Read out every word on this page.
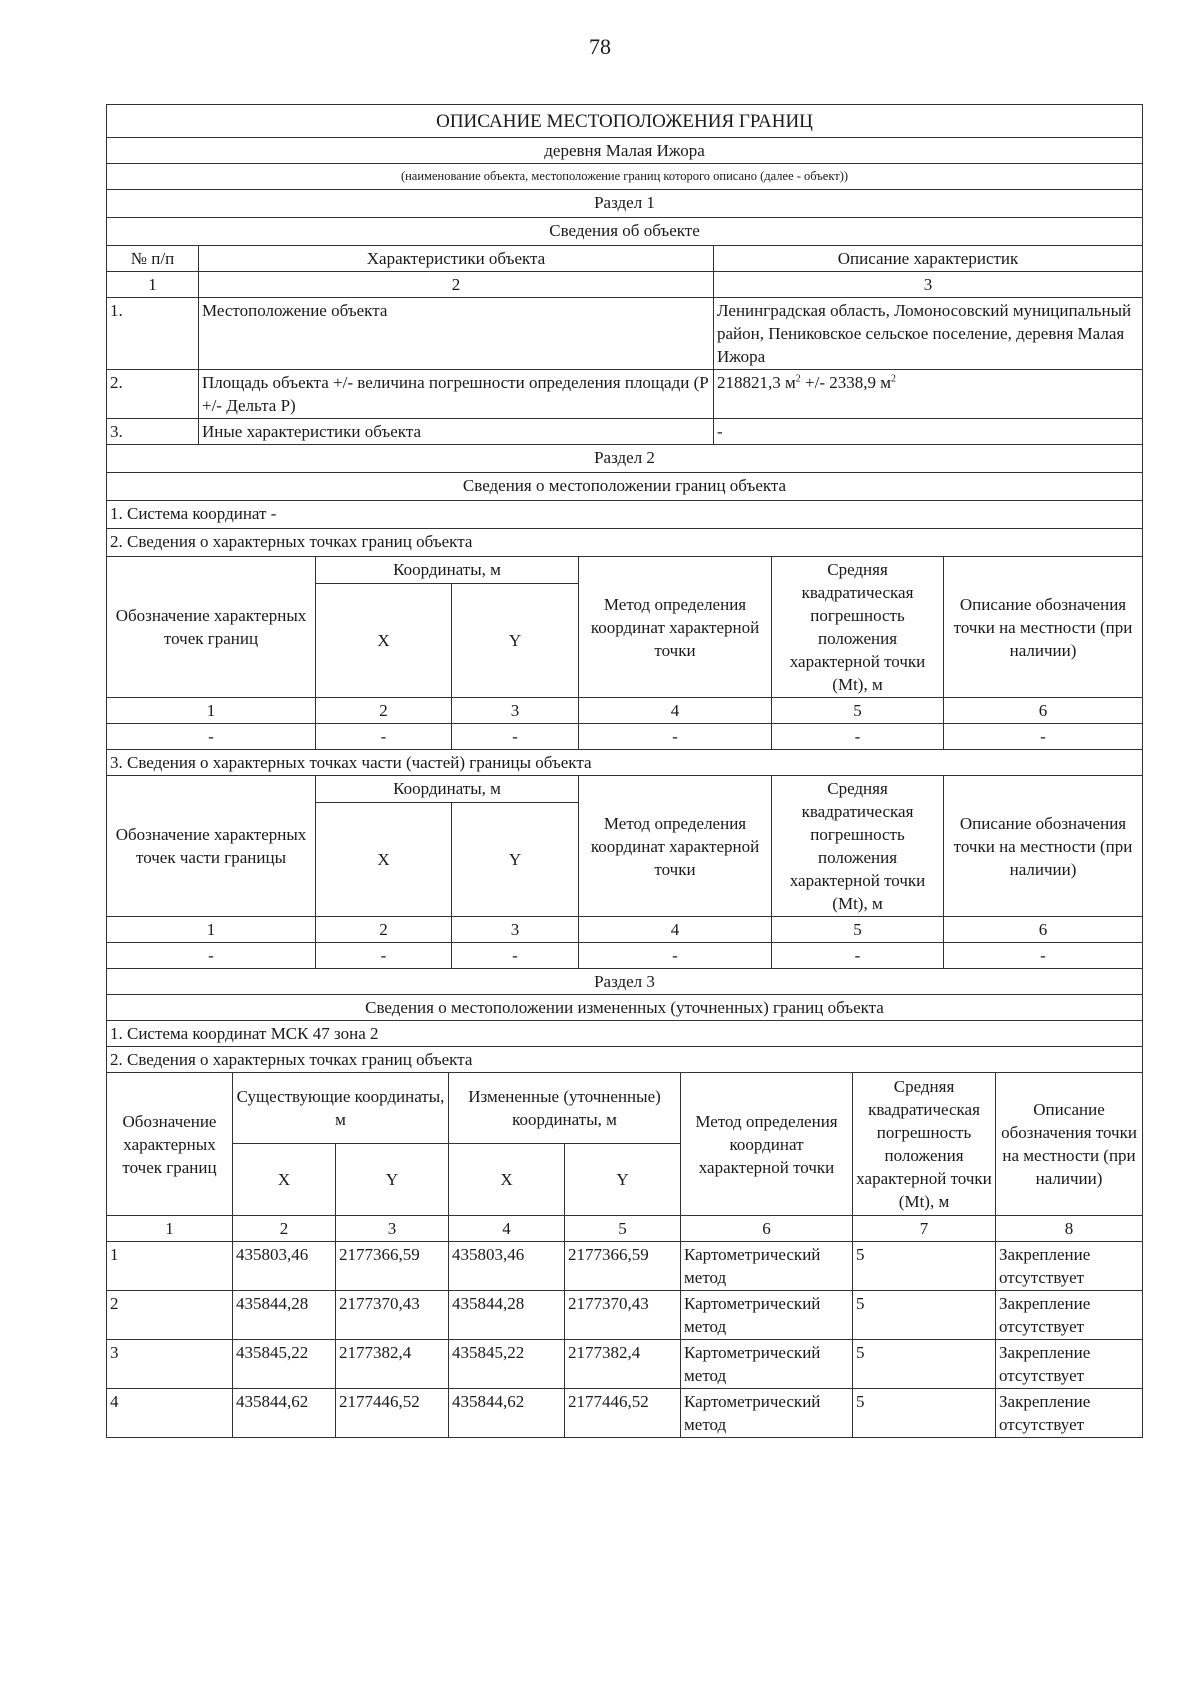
78
ОПИСАНИЕ МЕСТОПОЛОЖЕНИЯ ГРАНИЦ		
деревня Малая Ижора		
(наименование объекта, местоположение границ которого описано (далее - объект))		
Раздел 1		
Сведения об объекте		
№ п/п	Характеристики объекта	Описание характеристик
1	2	3
1.	Местоположение объекта	Ленинградская область, Ломоносовский муниципальный район, Пениковское сельское поселение, деревня Малая Ижора
2.	Площадь объекта +/- величина погрешности определения площади (P +/- Дельта P)	218821,3 $м^2$ +/- 2338,9 $м^2$
3.	Иные характеристики объекта	-
Раздел 2		
Сведения о местоположении границ объекта		
1. Система координат -		
2. Сведения о характерных точках границ объекта		
Обозначение характерных точек границ	Координаты, м		Метод определения координат характерной точки	Средняя квадратическая погрешность положения характерной точки (Mt), м	Описание обозначения точки на местности (при наличии)
	X	Y			
1	2	3	4	5	6
-	-	-	-	-	-
3. Сведения о характерных точках части (частей) границы объекта					
Обозначение характерных точек части границы	Координаты, м		Метод определения координат характерной точки	Средняя квадратическая погрешность положения характерной точки (Mt), м	Описание обозначения точки на местности (при наличии)
	X	Y			
1	2	3	4	5	6
-	-	-	-	-	-
Раздел 3					
Сведения о местоположении измененных (уточненных) границ объекта					
1. Система координат МСК 47 зона 2					
2. Сведения о характерных точках границ объекта					
Обозначение характерных точек границ	Существующие координаты, м		Измененные (уточненные) координаты, м		Метод определения координат характерной точки	Средняя квадратическая погрешность положения характерной точки (Mt), м	Описание обозначения точки на местности (при наличии)
	X	Y	X	Y			
1	2	3	4	5	6	7	8
1	435803,46	2177366,59	435803,46	2177366,59	Картометрический метод	5	Закрепление отсутствует
2	435844,28	2177370,43	435844,28	2177370,43	Картометрический метод	5	Закрепление отсутствует
3	435845,22	2177382,4	435845,22	2177382,4	Картометрический метод	5	Закрепление отсутствует
4	435844,62	2177446,52	435844,62	2177446,52	Картометрический метод	5	Закрепление отсутствует
